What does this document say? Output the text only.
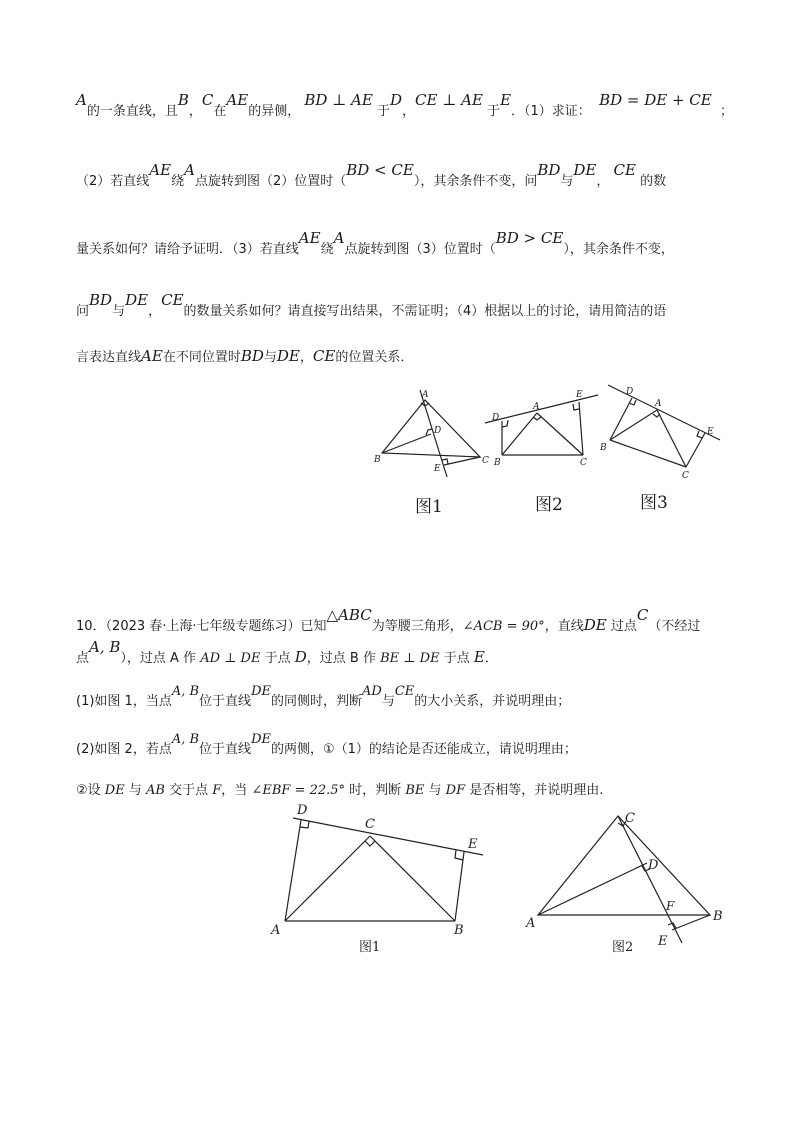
A的一条直线，且B，C在AE的异侧， BD ⊥ AE 于D，CE ⊥ AE 于E．（1）求证：  BD = DE + CE  ；
（2）若直线AE绕A点旋转到图（2）位置时（BD < CE），其余条件不变，问BD与DE， CE 的数
量关系如何？请给予证明．（3）若直线AE绕A点旋转到图（3）位置时（BD > CE），其余条件不变，
问BD与DE，CE的数量关系如何？请直接写出结果，不需证明；（4）根据以上的讨论，请用简洁的语
言表达直线AE在不同位置时BD与DE，CE的位置关系．
A
B	C
D
E
图1
D
A
E
B	C
图2
D
A
E
B
C
图3
10．（2023 春·上海·七年级专题练习）已知△ABC为等腰三角形，∠ACB = 90°，直线DE 过点C（不经过
点A, B），过点 A 作 AD ⊥ DE 于点 D，过点 B 作 BE ⊥ DE 于点 E．
(1)如图 1，当点A, B位于直线DE的同侧时，判断AD与CE的大小关系，并说明理由；
(2)如图 2，若点A, B位于直线DE的两侧，①（1）的结论是否还能成立，请说明理由；
②设 DE 与 AB 交于点 F，当 ∠EBF = 22.5° 时，判断 BE 与 DF 是否相等，并说明理由.
D
C
E
A	B
图1
C
D
F
B
A
E
图2
